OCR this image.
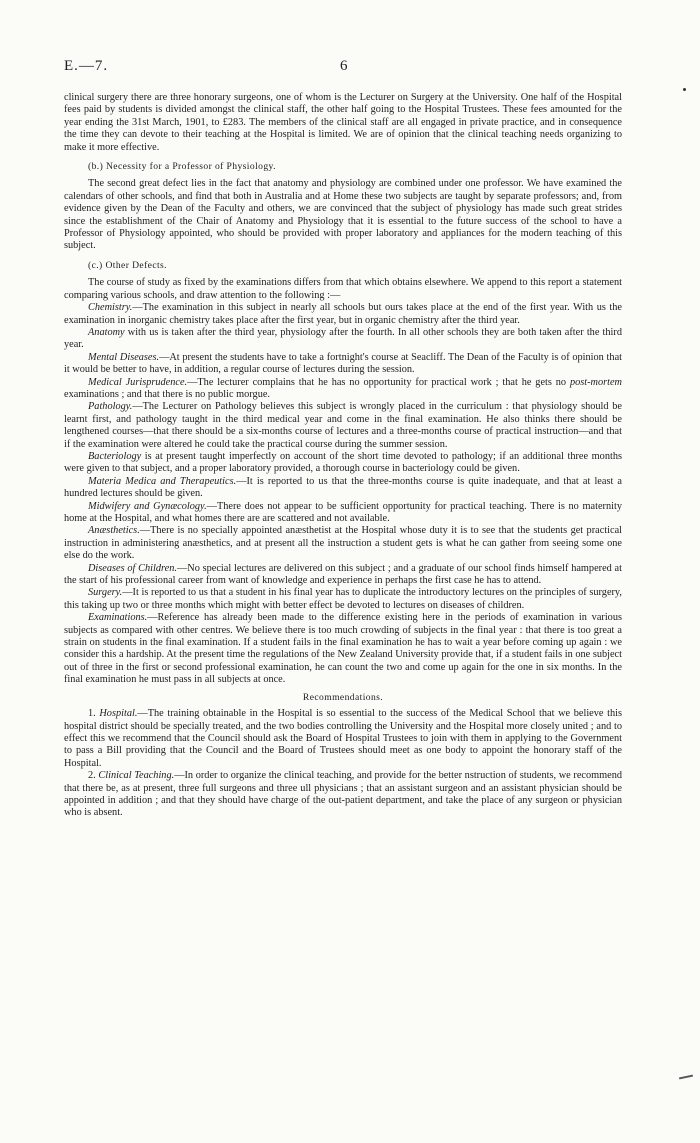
E.—7.	6

clinical surgery there are three honorary surgeons, one of whom is the Lecturer on Surgery at the University. One half of the Hospital fees paid by students is divided amongst the clinical staff, the other half going to the Hospital Trustees. These fees amounted for the year ending the 31st March, 1901, to £283. The members of the clinical staff are all engaged in private practice, and in consequence the time they can devote to their teaching at the Hospital is limited. We are of opinion that the clinical teaching needs organizing to make it more effective.

(b.) Necessity for a Professor of Physiology.

The second great defect lies in the fact that anatomy and physiology are combined under one professor. We have examined the calendars of other schools, and find that both in Australia and at Home these two subjects are taught by separate professors; and, from evidence given by the Dean of the Faculty and others, we are convinced that the subject of physiology has made such great strides since the establishment of the Chair of Anatomy and Physiology that it is essential to the future success of the school to have a Professor of Physiology appointed, who should be provided with proper laboratory and appliances for the modern teaching of this subject.

(c.) Other Defects.

The course of study as fixed by the examinations differs from that which obtains elsewhere. We append to this report a statement comparing various schools, and draw attention to the following :—

Chemistry.—The examination in this subject in nearly all schools but ours takes place at the end of the first year. With us the examination in inorganic chemistry takes place after the first year, but in organic chemistry after the third year.

Anatomy with us is taken after the third year, physiology after the fourth. In all other schools they are both taken after the third year.

Mental Diseases.—At present the students have to take a fortnight's course at Seacliff. The Dean of the Faculty is of opinion that it would be better to have, in addition, a regular course of lectures during the session.

Medical Jurisprudence.—The lecturer complains that he has no opportunity for practical work ; that he gets no post-mortem examinations ; and that there is no public morgue.

Pathology.—The Lecturer on Pathology believes this subject is wrongly placed in the curriculum : that physiology should be learnt first, and pathology taught in the third medical year and come in the final examination. He also thinks there should be lengthened courses—that there should be a six-months course of lectures and a three-months course of practical instruction—and that if the examination were altered he could take the practical course during the summer session.

Bacteriology is at present taught imperfectly on account of the short time devoted to pathology; if an additional three months were given to that subject, and a proper laboratory provided, a thorough course in bacteriology could be given.

Materia Medica and Therapeutics.—It is reported to us that the three-months course is quite inadequate, and that at least a hundred lectures should be given.

Midwifery and Gynæcology.—There does not appear to be sufficient opportunity for practical teaching. There is no maternity home at the Hospital, and what homes there are are scattered and not available.

Anæsthetics.—There is no specially appointed anæsthetist at the Hospital whose duty it is to see that the students get practical instruction in administering anæsthetics, and at present all the instruction a student gets is what he can gather from seeing some one else do the work.

Diseases of Children.—No special lectures are delivered on this subject ; and a graduate of our school finds himself hampered at the start of his professional career from want of knowledge and experience in perhaps the first case he has to attend.

Surgery.—It is reported to us that a student in his final year has to duplicate the introductory lectures on the principles of surgery, this taking up two or three months which might with better effect be devoted to lectures on diseases of children.

Examinations.—Reference has already been made to the difference existing here in the periods of examination in various subjects as compared with other centres. We believe there is too much crowding of subjects in the final year : that there is too great a strain on students in the final examination. If a student fails in the final examination he has to wait a year before coming up again : we consider this a hardship. At the present time the regulations of the New Zealand University provide that, if a student fails in one subject out of three in the first or second professional examination, he can count the two and come up again for the one in six months. In the final examination he must pass in all subjects at once.

Recommendations.

1. Hospital.—The training obtainable in the Hospital is so essential to the success of the Medical School that we believe this hospital district should be specially treated, and the two bodies controlling the University and the Hospital more closely united ; and to effect this we recommend that the Council should ask the Board of Hospital Trustees to join with them in applying to the Government to pass a Bill providing that the Council and the Board of Trustees should meet as one body to appoint the honorary staff of the Hospital.

2. Clinical Teaching.—In order to organize the clinical teaching, and provide for the better nstruction of students, we recommend that there be, as at present, three full surgeons and three ull physicians ; that an assistant surgeon and an assistant physician should be appointed in addition ; and that they should have charge of the out-patient department, and take the place of any surgeon or physician who is absent.
